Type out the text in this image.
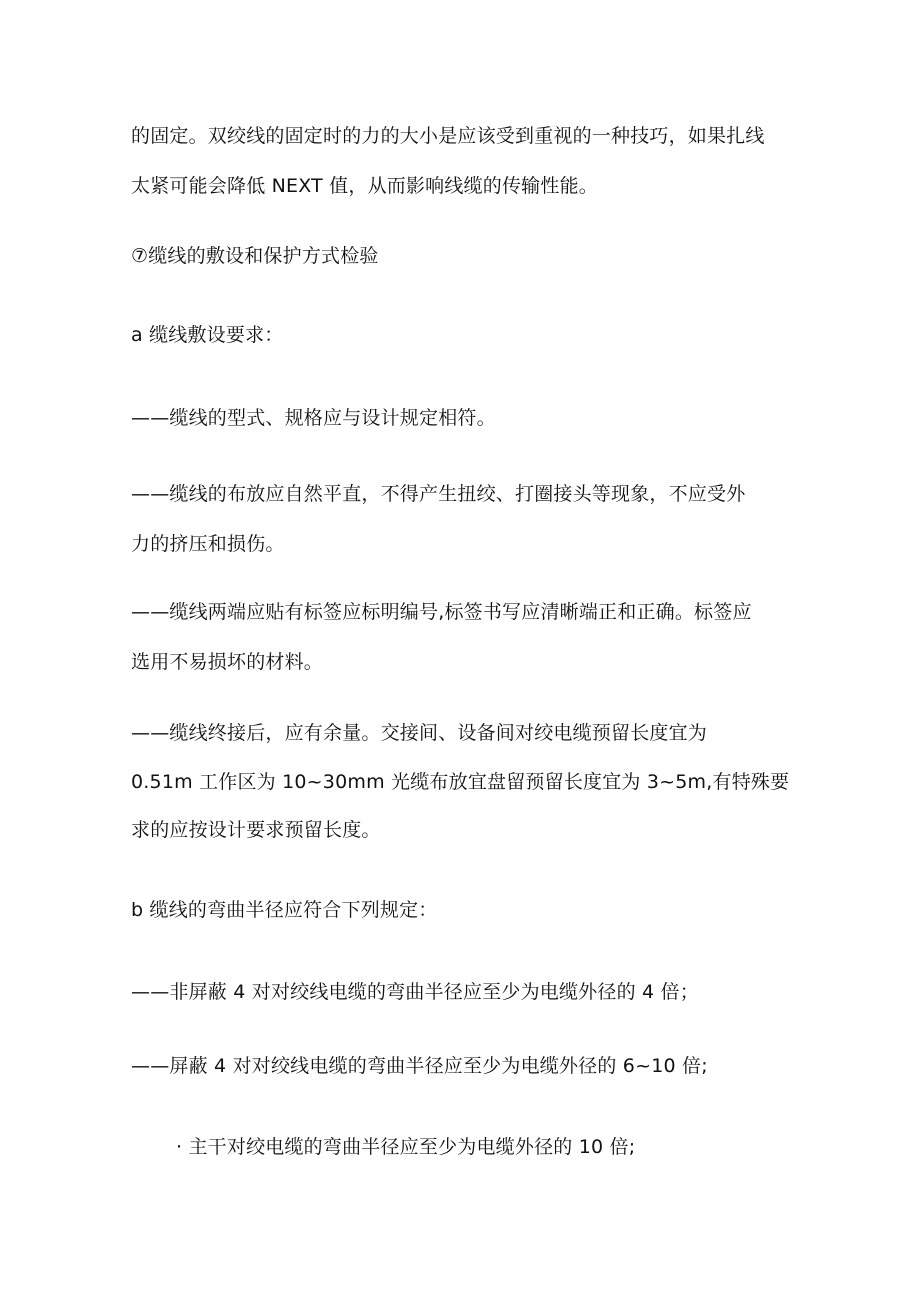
的固定。双绞线的固定时的力的大小是应该受到重视的一种技巧，如果扎线
太紧可能会降低 NEXT 值，从而影响线缆的传输性能。
⑦缆线的敷设和保护方式检验
a 缆线敷设要求：
——缆线的型式、规格应与设计规定相符。
——缆线的布放应自然平直，不得产生扭绞、打圈接头等现象，不应受外
力的挤压和损伤。
——缆线两端应贴有标签应标明编号,标签书写应清晰端正和正确。标签应
选用不易损坏的材料。
——缆线终接后，应有余量。交接间、设备间对绞电缆预留长度宜为
0.51m 工作区为 10~30mm 光缆布放宜盘留预留长度宜为 3~5m,有特殊要
求的应按设计要求预留长度。
b 缆线的弯曲半径应符合下列规定：
——非屏蔽 4 对对绞线电缆的弯曲半径应至少为电缆外径的 4 倍；
——屏蔽 4 对对绞线电缆的弯曲半径应至少为电缆外径的 6~10 倍;
· 主干对绞电缆的弯曲半径应至少为电缆外径的 10 倍;
